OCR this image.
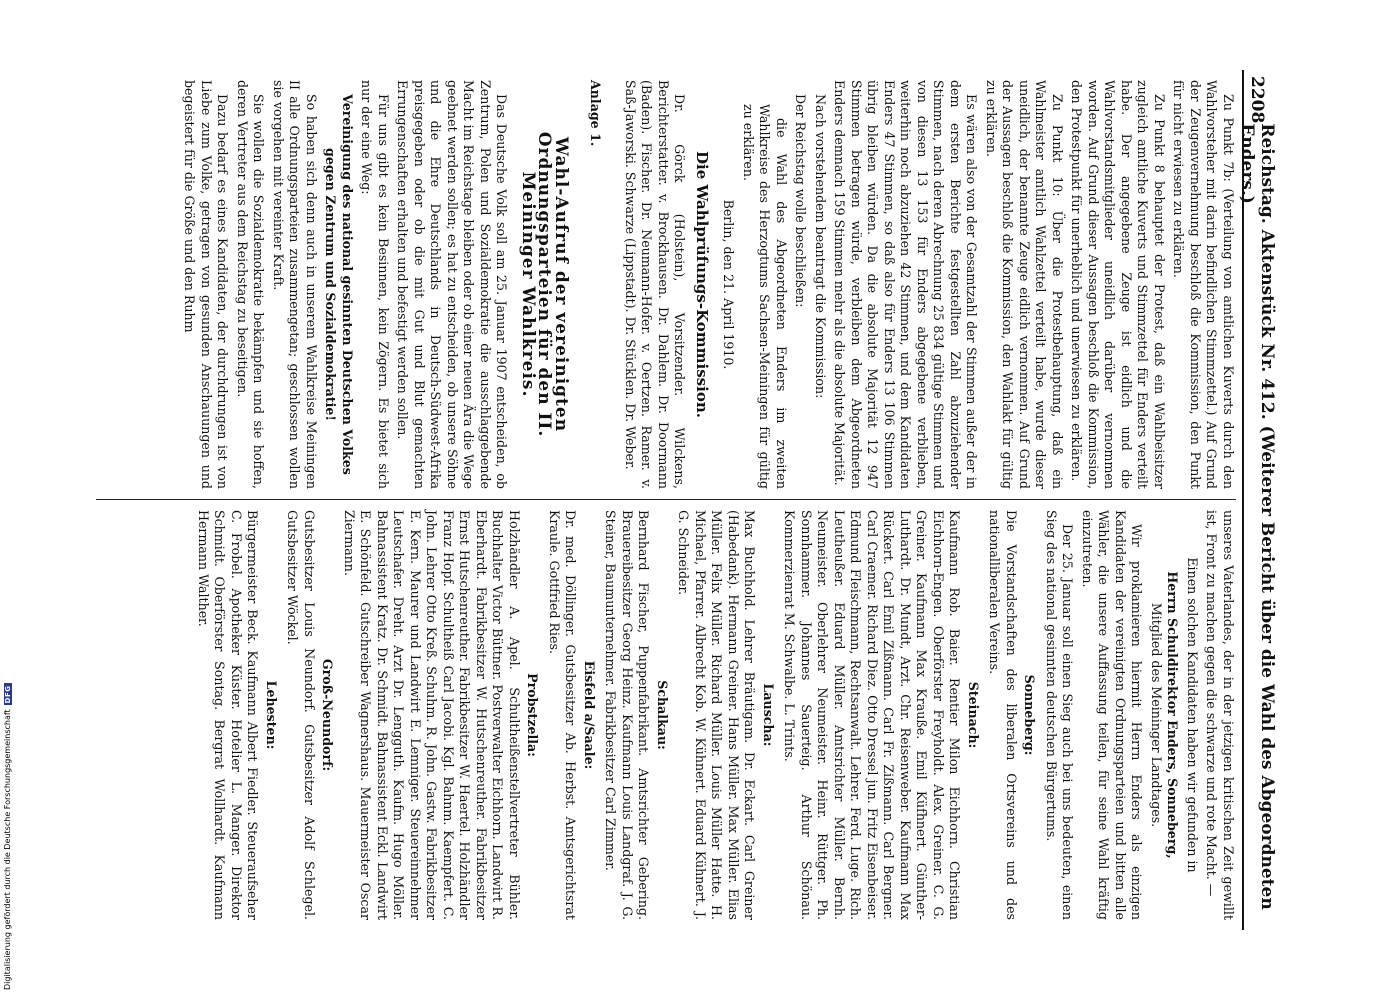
2208
Reichstag. Aktenstück Nr. 412. (Weiterer Bericht über die Wahl des Abgeordneten Enders.)

Zu Punkt 7b: (Verteilung von amtlichen Kuverts durch den Wahlvorsteher mit darin befindlichen Stimmzettel.) Auf Grund der Zeugenvernehmung beschloß die Kommission, den Punkt für nicht erwiesen zu erklären.

Zu Punkt 8 behauptet der Protest, daß ein Wahlbeisitzer zugleich amtliche Kuverts und Stimmzettel für Enders verteilt habe. Der angegebene Zeuge ist eidlich und die Wahlvorstandsmitglieder uneidlich darüber vernommen worden. Auf Grund dieser Aussagen beschloß die Kommission, den Protestpunkt für unerheblich und unerwiesen zu erklären.

Zu Punkt 10: Über die Protestbehauptung, daß ein Wahlmeister amtlich Wahlzettel verteilt habe, wurde dieser uneidlich, der benannte Zeuge eidlich vernommen. Auf Grund der Aussagen beschloß die Kommission, den Wahlakt für gültig zu erklären.

Es wären also von der Gesamtzahl der Stimmen außer der in dem ersten Berichte festgestellten Zahl abzuziehender Stimmen, nach deren Abrechnung 25 834 gültige Stimmen und von diesen 13 153 für Enders abgegebene verblieben, weiterhin noch abzuziehen 42 Stimmen, und dem Kandidaten Enders 47 Stimmen, so daß also für Enders 13 106 Stimmen übrig bleiben würden. Da die absolute Majorität 12 947 Stimmen betragen würde, verbleiben dem Abgeordneten Enders demnach 159 Stimmen mehr als die absolute Majorität.

Nach vorstehendem beantragt die Kommission:

Der Reichstag wolle beschließen:

die Wahl des Abgeordneten Enders im zweiten Wahlkreise des Herzogtums Sachsen-Meiningen für gültig zu erklären.

Berlin, den 21. April 1910.

Die Wahlprüfungs-Kommission.

Dr. Görck (Holstein), Vorsitzender. Wilckens, Berichterstatter. v. Brockhausen. Dr. Dahlem. Dr. Doormann (Baden). Fischer. Dr. Neumann-Hofer. v. Oertzen. Ramer. v. Saß-Jaworski. Schwarze (Lippstadt). Dr. Stücklen. Dr. Weber.

Anlage 1.
Wahl-Aufruf der vereinigten Ordnungsparteien für den II. Meininger Wahlkreis.

Das Deutsche Volk soll am 25. Januar 1907 entscheiden, ob Zentrum, Polen und Sozialdemokratie die ausschlaggebende Macht im Reichstage bleiben oder ob einer neuen Ära die Wege geebnet werden sollen; es hat zu entscheiden, ob unsere Söhne und die Ehre Deutschlands in Deutsch-Südwest-Afrika preisgegeben oder ob die mit Gut und Blut gemachten Errungenschaften erhalten und befestigt werden sollen.

Für uns gibt es kein Besinnen, kein Zögern. Es bietet sich nur der eine Weg:

Vereinigung des national gesinnten Deutschen Volkes gegen Zentrum und Sozialdemokratie!

So haben sich denn auch in unserem Wahlkreise Meiningen II alle Ordnungsparteien zusammengetan; geschlossen wollen sie vorgehen mit vereinter Kraft.

Sie wollen die Sozialdemokratie bekämpfen und sie hoffen, deren Vertreter aus dem Reichstag zu beseitigen.

Dazu bedarf es eines Kandidaten, der durchdrungen ist von Liebe zum Volke, getragen von gesunden Anschauungen und begeistert für die Größe und den Ruhm

unseres Vaterlandes, der in der jetzigen kritischen Zeit gewillt ist, Front zu machen gegen die schwarze und rote Macht. —

Einen solchen Kandidaten haben wir gefunden in

Herrn Schuldirektor Enders, Sonneberg,

Mitglied des Meininger Landtages.

Wir proklamieren hiermit Herrn Enders als einzigen Kandidaten der vereinigten Ordnungsparteien und bitten alle Wähler, die unsere Auffassung teilen, für seine Wahl kräftig einzutreten.

Der 25. Januar soll einen Sieg auch bei uns bedeuten, einen Sieg des national gesinnten deutschen Bürgertums.

Sonneberg:

Die Vorstandschaften des liberalen Ortsvereins und des nationalliberalen Vereins.

Steinach:

Kaufmann Rob. Baier. Rentier Milon Eichhorn. Christian Eichhorn-Engen. Oberförster Freyholdt. Alex. Greiner. C. G. Greiner. Kaufmann Max Krauße. Emil Küfhnert. Günther-Luthardt. Dr. Mundt, Arzt. Chr. Reisenweber. Kaufmann Max Rückert. Carl Emil Zißmann. Carl Fr. Zißmann. Carl Bergner. Carl Craemer. Richard Diez. Otto Dressel jun. Fritz Eisenbeiser. Edmund Fleischmann, Rechtsanwalt. Lehrer. Ferd. Luge. Rich. Leutheußer. Eduard Müller. Amtsrichter Müller. Bernh. Neumeister. Oberlehrer Neumeister. Heinr. Rüttger. Ph. Sonnhammer. Johannes Sauerteig. Arthur Schönau. Kommerzienrat M. Schwalbe. L. Trints.

Lauscha:

Max Buchhold. Lehrer Bräutigam. Dr. Eckart. Carl Greiner (Habedank). Hermann Greiner. Hans Müller. Max Müller. Elias Müller. Felix Müller. Richard Müller. Louis Müller Hatte. H. Michael, Pfarrer. Albrecht Kob. W. Kühnert. Eduard Kühnert. J. G. Schneider.

Schalkau:

Bernhard Fischer, Puppenfabrikant. Amtsrichter Gebering. Brauereibesitzer Georg Heinz. Kaufmann Louis Landgraf. J. G. Steiner, Baumunternehmer. Fabrikbesitzer Carl Zimmer.

Eisfeld a/Saale:

Dr. med. Döllinger. Gutsbesitzer Ab. Herbst. Amtsgerichtsrat Kraule. Gottfried Ries.

Probstzella:

Holzhändler A. Apel. Schultheißenstellvertreter Bühler. Buchhalter Victor Büttner. Postverwalter Eichhorn. Landwirt R. Eberhardt. Fabrikbesitzer W. Hutschenreuther. Fabrikbesitzer Ernst Hutschenreuther. Fabrikbesitzer W. Haertel. Holzhändler Franz Hopf. Schultheiß Carl Jacobi. Kgl. Bahnm. Kaempfert. C. John. Lehrer Otto Kreß. Schuhm. R. John. Gastw. Fabrikbesitzer E. Kern. Maurer und Landwirt E. Lemniger. Steuereinnehmer Leutschafer. Dreht. Arzt Dr. Lengguth. Kaufm. Hugo Möller. Bahnassistent Kratz. Dr. Schmidt. Bahnassistent Eckl. Landwirt E. Schönfeld. Gutschreiber Wagnershaus. Mauermeister Oscar Ziermann.

Groß-Neundorf:

Gutsbesitzer Louis Neundorf. Gutsbesitzer Adolf Schlegel. Gutsbesitzer Wöckel.

Lehesten:

Bürgermeister Beck. Kaufmann Albert Fiedler. Steueraufseher C. Frobel. Apotheker Küster. Hotelier L. Manger. Direktor Schmidt. Oberförster Sontag. Bergrat Wollhardt. Kaufmann Hermann Walther.

Digitalisierung gefördert durch die Deutsche Forschungsgemeinschaft
DFG
